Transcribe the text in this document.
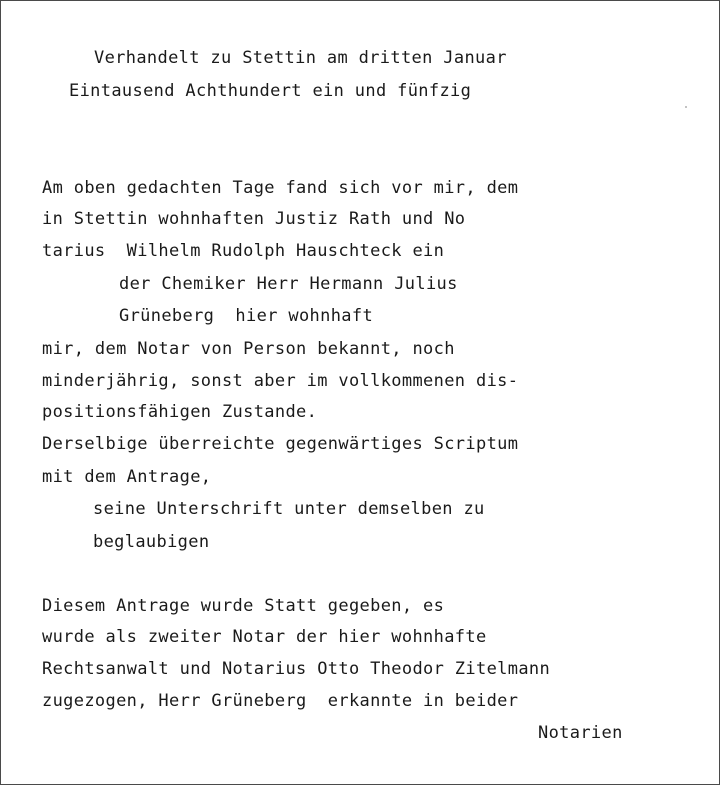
Verhandelt zu Stettin am dritten Januar
Eintausend Achthundert ein und fünfzig
Am oben gedachten Tage fand sich vor mir, dem
in Stettin wohnhaften Justiz Rath und No
tarius  Wilhelm Rudolph Hauschteck ein
der Chemiker Herr Hermann Julius
Grüneberg  hier wohnhaft
mir, dem Notar von Person bekannt, noch
minderjährig, sonst aber im vollkommenen dis-
positionsfähigen Zustande.
Derselbige überreichte gegenwärtiges Scriptum
mit dem Antrage,
seine Unterschrift unter demselben zu
beglaubigen
Diesem Antrage wurde Statt gegeben, es
wurde als zweiter Notar der hier wohnhafte
Rechtsanwalt und Notarius Otto Theodor Zitelmann
zugezogen, Herr Grüneberg  erkannte in beider
Notarien
